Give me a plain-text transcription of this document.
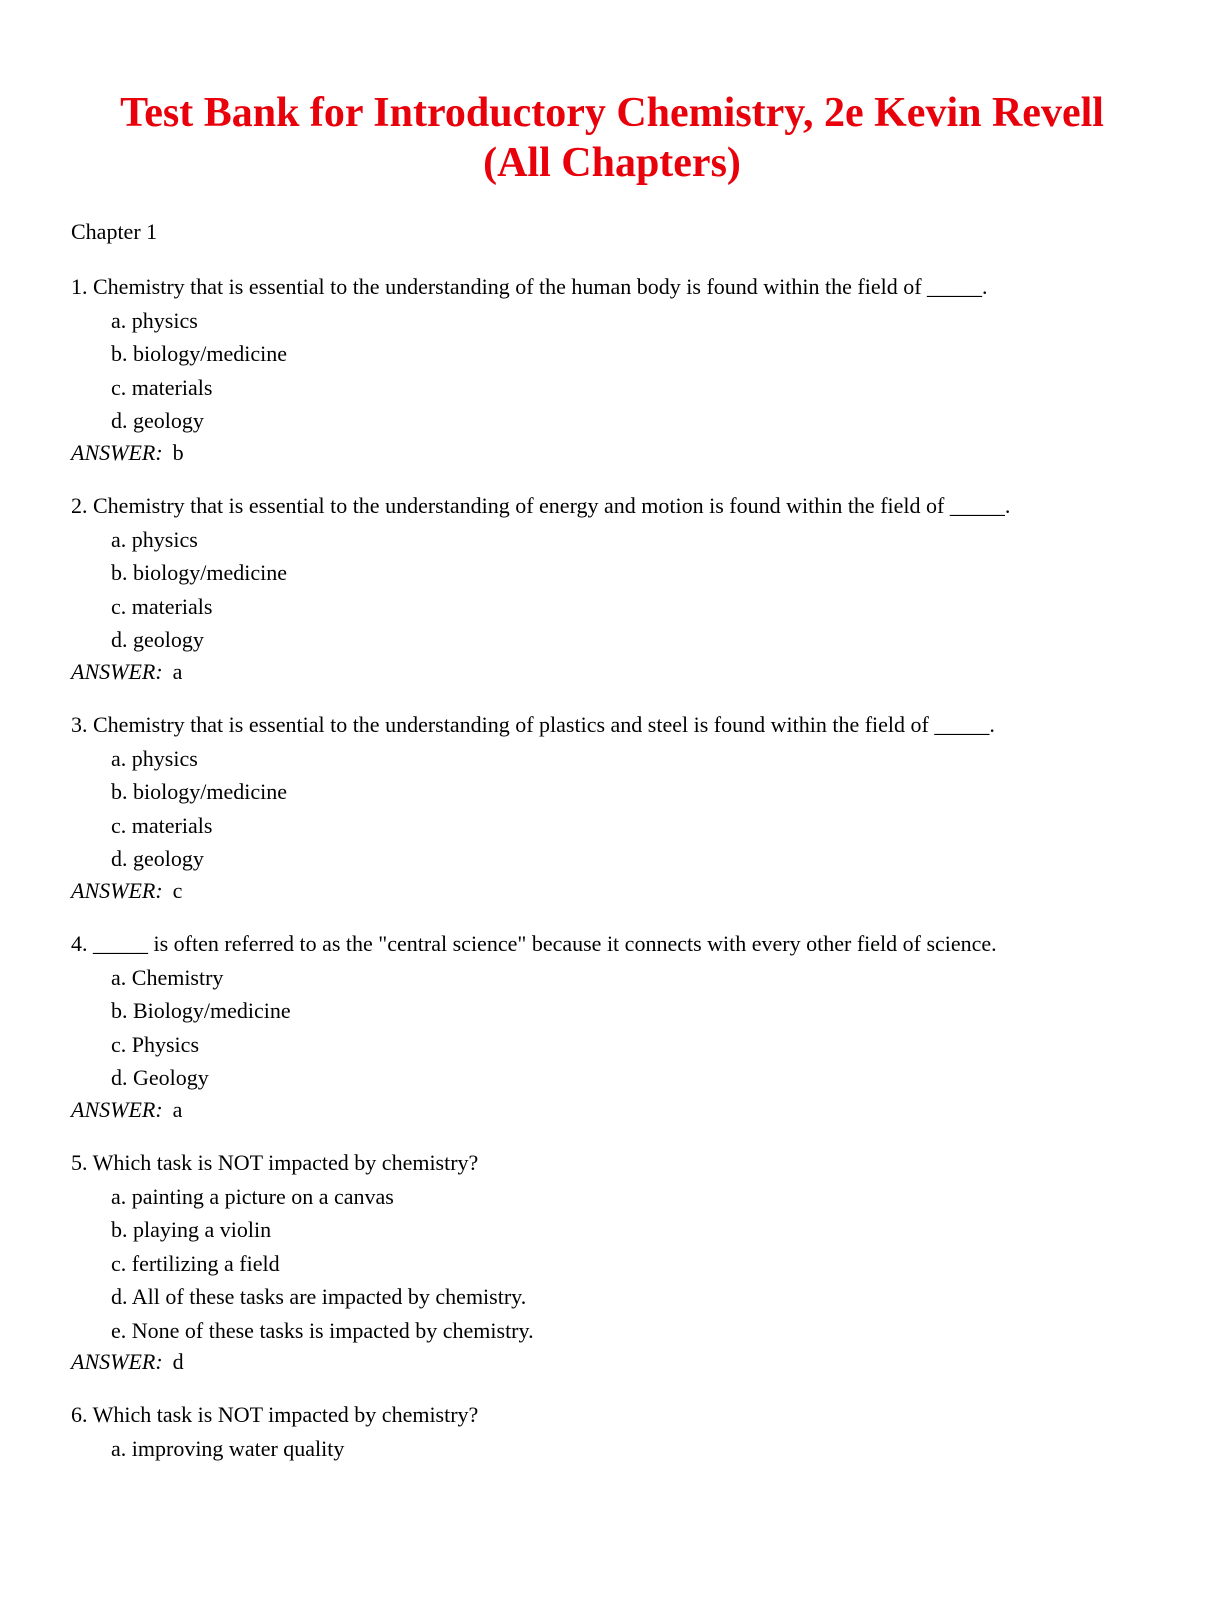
Test Bank for Introductory Chemistry, 2e Kevin Revell
(All Chapters)
Chapter 1
1. Chemistry that is essential to the understanding of the human body is found within the field of _____.
a. physics
b. biology/medicine
c. materials
d. geology
ANSWER: b
2. Chemistry that is essential to the understanding of energy and motion is found within the field of _____.
a. physics
b. biology/medicine
c. materials
d. geology
ANSWER: a
3. Chemistry that is essential to the understanding of plastics and steel is found within the field of _____.
a. physics
b. biology/medicine
c. materials
d. geology
ANSWER: c
4. _____ is often referred to as the "central science" because it connects with every other field of science.
a. Chemistry
b. Biology/medicine
c. Physics
d. Geology
ANSWER: a
5. Which task is NOT impacted by chemistry?
a. painting a picture on a canvas
b. playing a violin
c. fertilizing a field
d. All of these tasks are impacted by chemistry.
e. None of these tasks is impacted by chemistry.
ANSWER: d
6. Which task is NOT impacted by chemistry?
a. improving water quality
